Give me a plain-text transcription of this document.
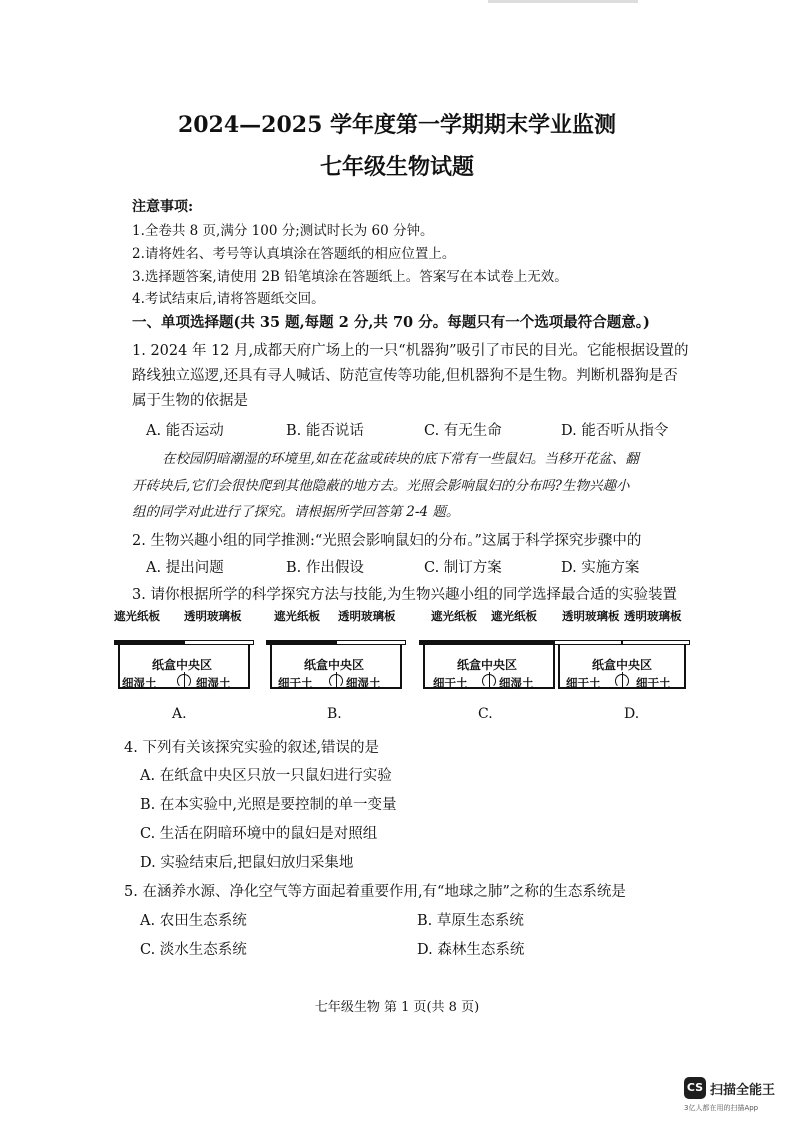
2024—2025 学年度第一学期期末学业监测
七年级生物试题
注意事项:
1.全卷共 8 页,满分 100 分;测试时长为 60 分钟。
2.请将姓名、考号等认真填涂在答题纸的相应位置上。
3.选择题答案,请使用 2B 铅笔填涂在答题纸上。答案写在本试卷上无效。
4.考试结束后,请将答题纸交回。
一、单项选择题(共 35 题,每题 2 分,共 70 分。每题只有一个选项最符合题意。)
1. 2024 年 12 月,成都天府广场上的一只“机器狗”吸引了市民的目光。它能根据设置的
路线独立巡逻,还具有寻人喊话、防范宣传等功能,但机器狗不是生物。判断机器狗是否
属于生物的依据是
A. 能否运动	B. 能否说话	C. 有无生命	D. 能否听从指令
在校园阴暗潮湿的环境里,如在花盆或砖块的底下常有一些鼠妇。当移开花盆、翻
开砖块后,它们会很快爬到其他隐蔽的地方去。光照会影响鼠妇的分布吗?生物兴趣小
组的同学对此进行了探究。请根据所学回答第 2-4 题。
2. 生物兴趣小组的同学推测:“光照会影响鼠妇的分布。”这属于科学探究步骤中的
A. 提出问题	B. 作出假设	C. 制订方案	D. 实施方案
3. 请你根据所学的科学探究方法与技能,为生物兴趣小组的同学选择最合适的实验装置
遮光纸板 透明玻璃板
纸盒中央区
细湿土	细湿土
遮光纸板 透明玻璃板
纸盒中央区
细干土	细湿土
遮光纸板 遮光纸板
纸盒中央区
细干土	细湿土
透明玻璃板 透明玻璃板
纸盒中央区
细干土	细干土
A.	B.	C.	D.
4. 下列有关该探究实验的叙述,错误的是
A. 在纸盒中央区只放一只鼠妇进行实验
B. 在本实验中,光照是要控制的单一变量
C. 生活在阴暗环境中的鼠妇是对照组
D. 实验结束后,把鼠妇放归采集地
5. 在涵养水源、净化空气等方面起着重要作用,有“地球之肺”之称的生态系统是
A. 农田生态系统	B. 草原生态系统
C. 淡水生态系统	D. 森林生态系统
七年级生物 第 1 页(共 8 页)
CS 扫描全能王
3亿人都在用的扫描App
